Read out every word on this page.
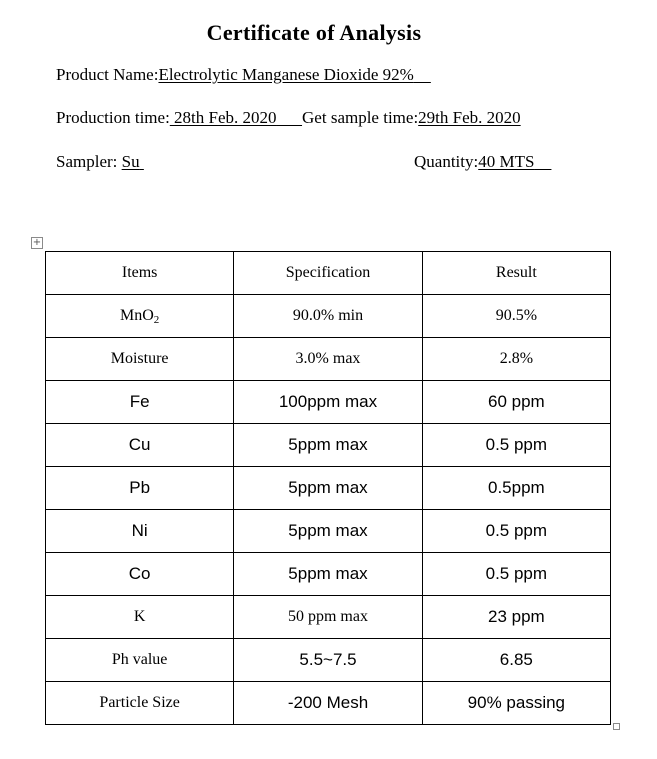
Certificate of Analysis
Product Name:Electrolytic Manganese Dioxide 92%
Production time: 28th Feb. 2020 Get sample time:29th Feb. 2020
Sampler: Su	Quantity:40 MTS
+
Items	Specification	Result
MnO$_2$	90.0% min	90.5%
Moisture	3.0% max	2.8%
Fe	100ppm max	60 ppm
Cu	5ppm max	0.5 ppm
Pb	5ppm max	0.5ppm
Ni	5ppm max	0.5 ppm
Co	5ppm max	0.5 ppm
K	50 ppm max	23 ppm
Ph value	5.5~7.5	6.85
Particle Size	-200 Mesh	90% passing
